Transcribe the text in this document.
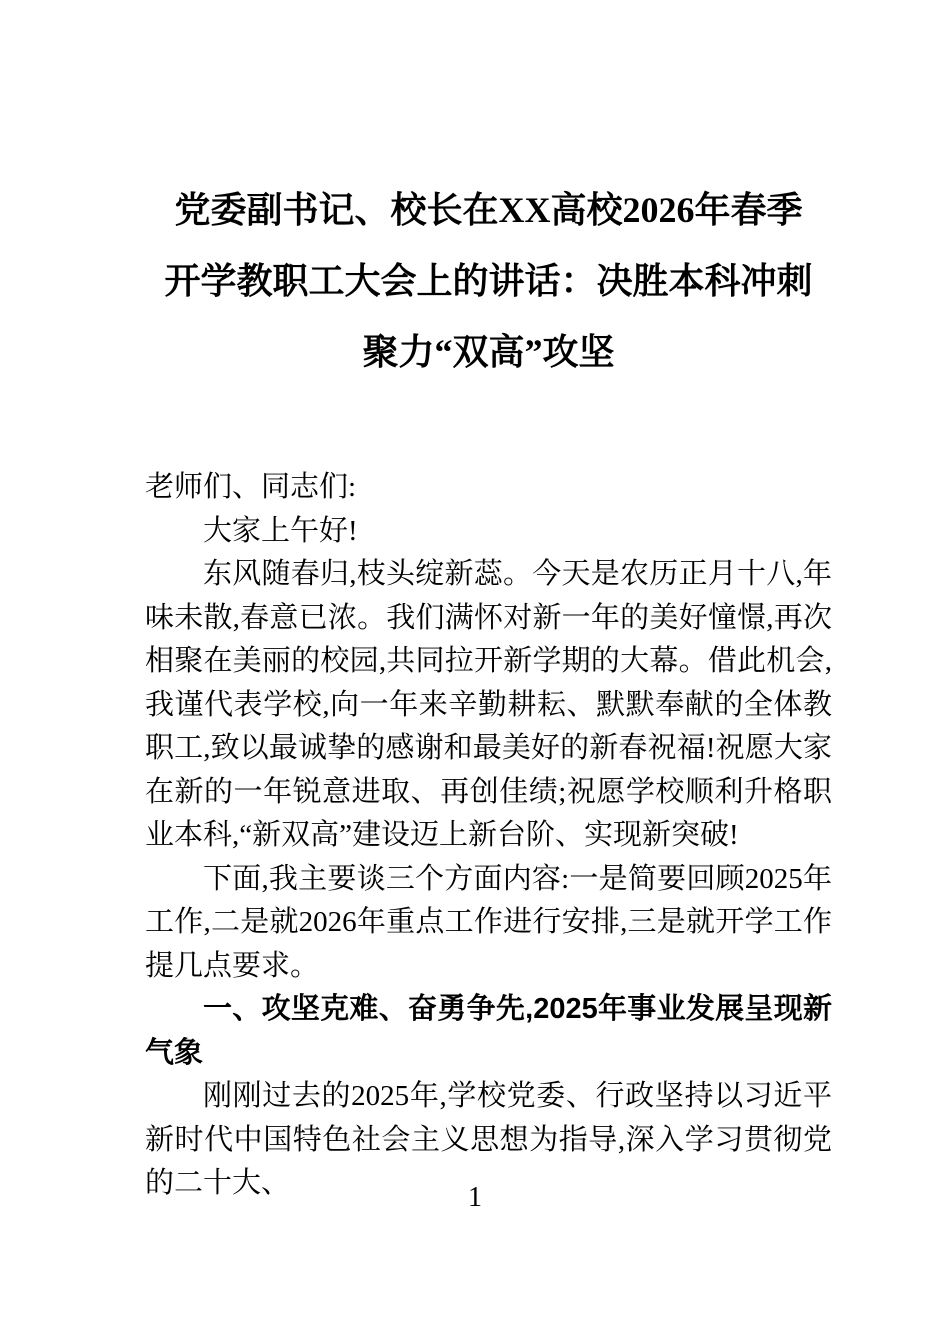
党委副书记、校长在XX高校2026年春季
开学教职工大会上的讲话：决胜本科冲刺
聚力“双高”攻坚

老师们、同志们:

大家上午好!

东风随春归,枝头绽新蕊。今天是农历正月十八,年味未散,春意已浓。我们满怀对新一年的美好憧憬,再次相聚在美丽的校园,共同拉开新学期的大幕。借此机会,我谨代表学校,向一年来辛勤耕耘、默默奉献的全体教职工,致以最诚挚的感谢和最美好的新春祝福!祝愿大家在新的一年锐意进取、再创佳绩;祝愿学校顺利升格职业本科,“新双高”建设迈上新台阶、实现新突破!

下面,我主要谈三个方面内容:一是简要回顾2025年工作,二是就2026年重点工作进行安排,三是就开学工作提几点要求。

一、攻坚克难、奋勇争先,2025年事业发展呈现新气象

刚刚过去的2025年,学校党委、行政坚持以习近平新时代中国特色社会主义思想为指导,深入学习贯彻党的二十大、	1
